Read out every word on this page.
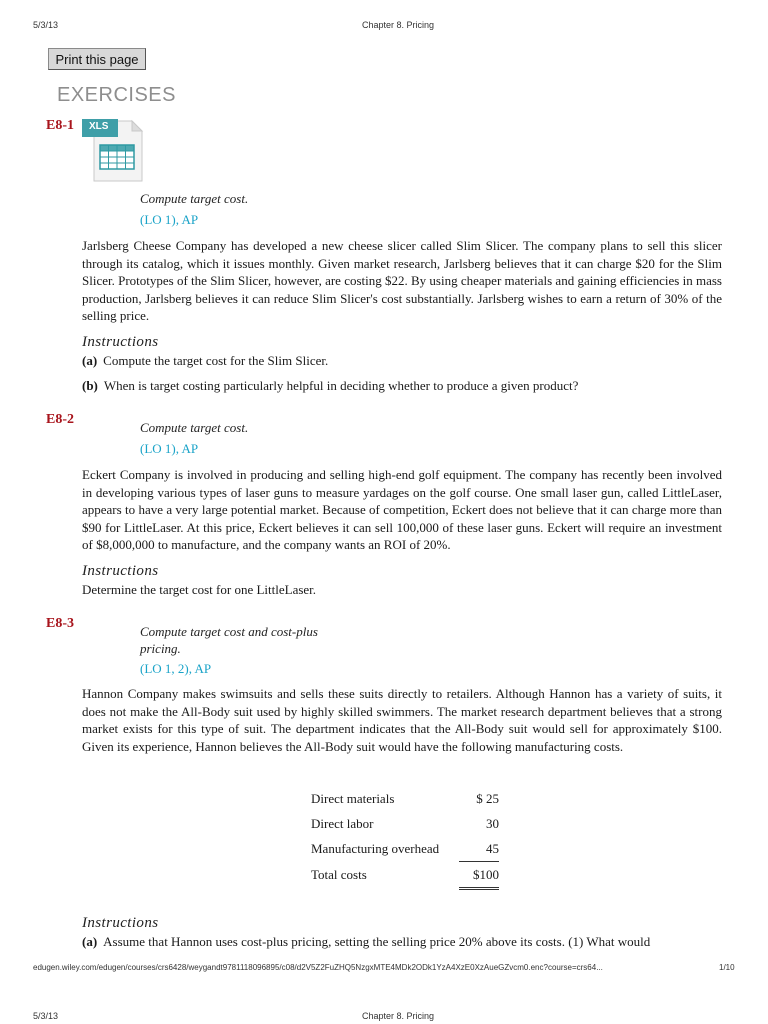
5/3/13	Chapter 8. Pricing
Print this page
EXERCISES
E8-1 XLS
Compute target cost.
(LO 1), AP
Jarlsberg Cheese Company has developed a new cheese slicer called Slim Slicer. The company plans to sell this slicer through its catalog, which it issues monthly. Given market research, Jarlsberg believes that it can charge $20 for the Slim Slicer. Prototypes of the Slim Slicer, however, are costing $22. By using cheaper materials and gaining efficiencies in mass production, Jarlsberg believes it can reduce Slim Slicer's cost substantially. Jarlsberg wishes to earn a return of 30% of the selling price.
Instructions
(a) Compute the target cost for the Slim Slicer.
(b) When is target costing particularly helpful in deciding whether to produce a given product?
E8-2
Compute target cost.
(LO 1), AP
Eckert Company is involved in producing and selling high-end golf equipment. The company has recently been involved in developing various types of laser guns to measure yardages on the golf course. One small laser gun, called LittleLaser, appears to have a very large potential market. Because of competition, Eckert does not believe that it can charge more than $90 for LittleLaser. At this price, Eckert believes it can sell 100,000 of these laser guns. Eckert will require an investment of $8,000,000 to manufacture, and the company wants an ROI of 20%.
Instructions
Determine the target cost for one LittleLaser.
E8-3
Compute target cost and cost-plus
pricing.
(LO 1, 2), AP
Hannon Company makes swimsuits and sells these suits directly to retailers. Although Hannon has a variety of suits, it does not make the All-Body suit used by highly skilled swimmers. The market research department believes that a strong market exists for this type of suit. The department indicates that the All-Body suit would sell for approximately $100. Given its experience, Hannon believes the All-Body suit would have the following manufacturing costs.
Direct materials	$ 25
Direct labor	30
Manufacturing overhead	45
Total costs	$100
Instructions
(a) Assume that Hannon uses cost-plus pricing, setting the selling price 20% above its costs. (1) What would
edugen.wiley.com/edugen/courses/crs6428/weygandt9781118096895/c08/d2V5Z2FuZHQ5NzgxMTE4MDk2ODk1YzA4XzE0XzAueGZvcm0.enc?course=crs64...	1/10
5/3/13	Chapter 8. Pricing
